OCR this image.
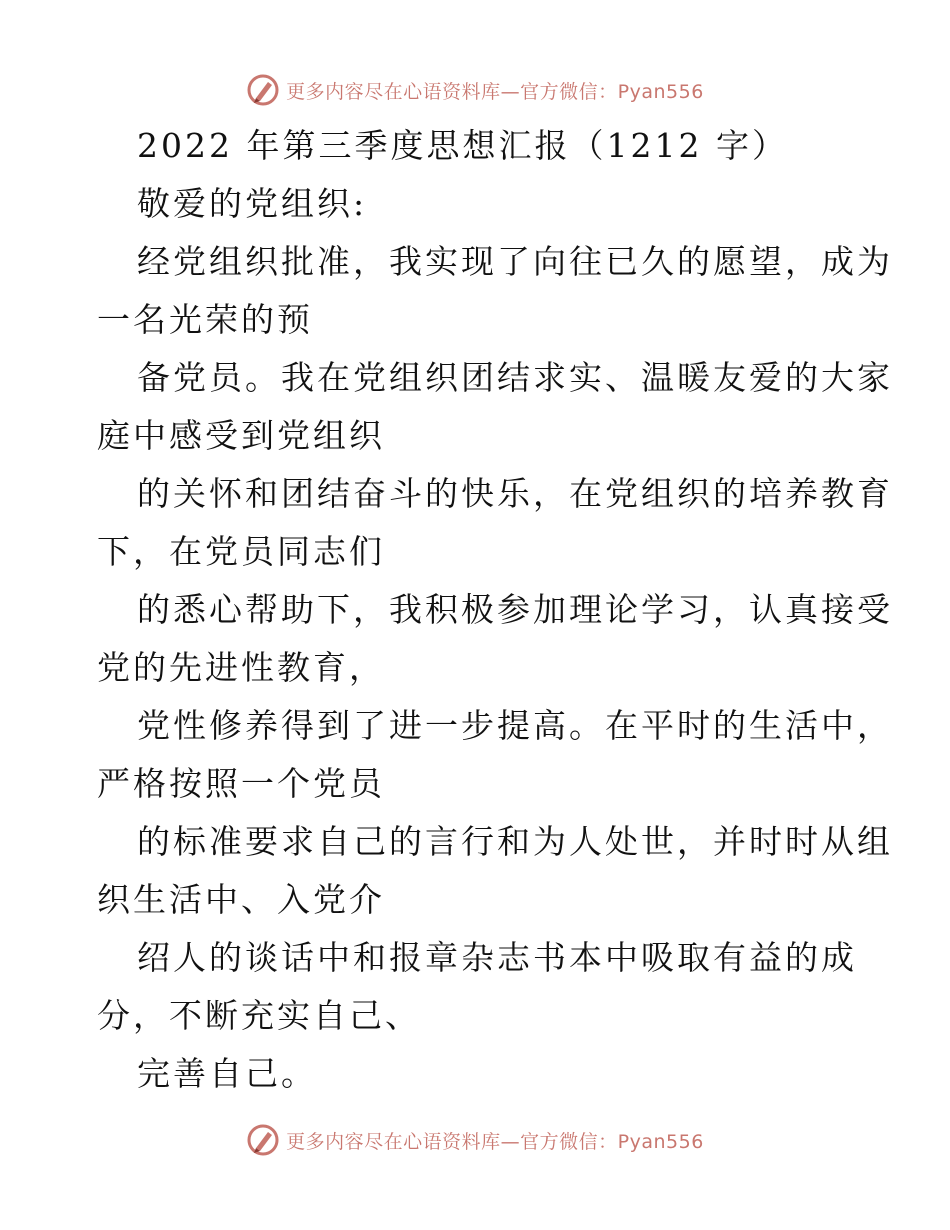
更多内容尽在心语资料库—官方微信：Pyan556

2022 年第三季度思想汇报（1212 字）

敬爱的党组织:

经党组织批准，我实现了向往已久的愿望，成为

一名光荣的预

备党员。我在党组织团结求实、温暖友爱的大家

庭中感受到党组织

的关怀和团结奋斗的快乐，在党组织的培养教育

下，在党员同志们

的悉心帮助下，我积极参加理论学习，认真接受

党的先进性教育，

党性修养得到了进一步提高。在平时的生活中，

严格按照一个党员

的标准要求自己的言行和为人处世，并时时从组

织生活中、入党介

绍人的谈话中和报章杂志书本中吸取有益的成

分，不断充实自己、

完善自己。

更多内容尽在心语资料库—官方微信：Pyan556
